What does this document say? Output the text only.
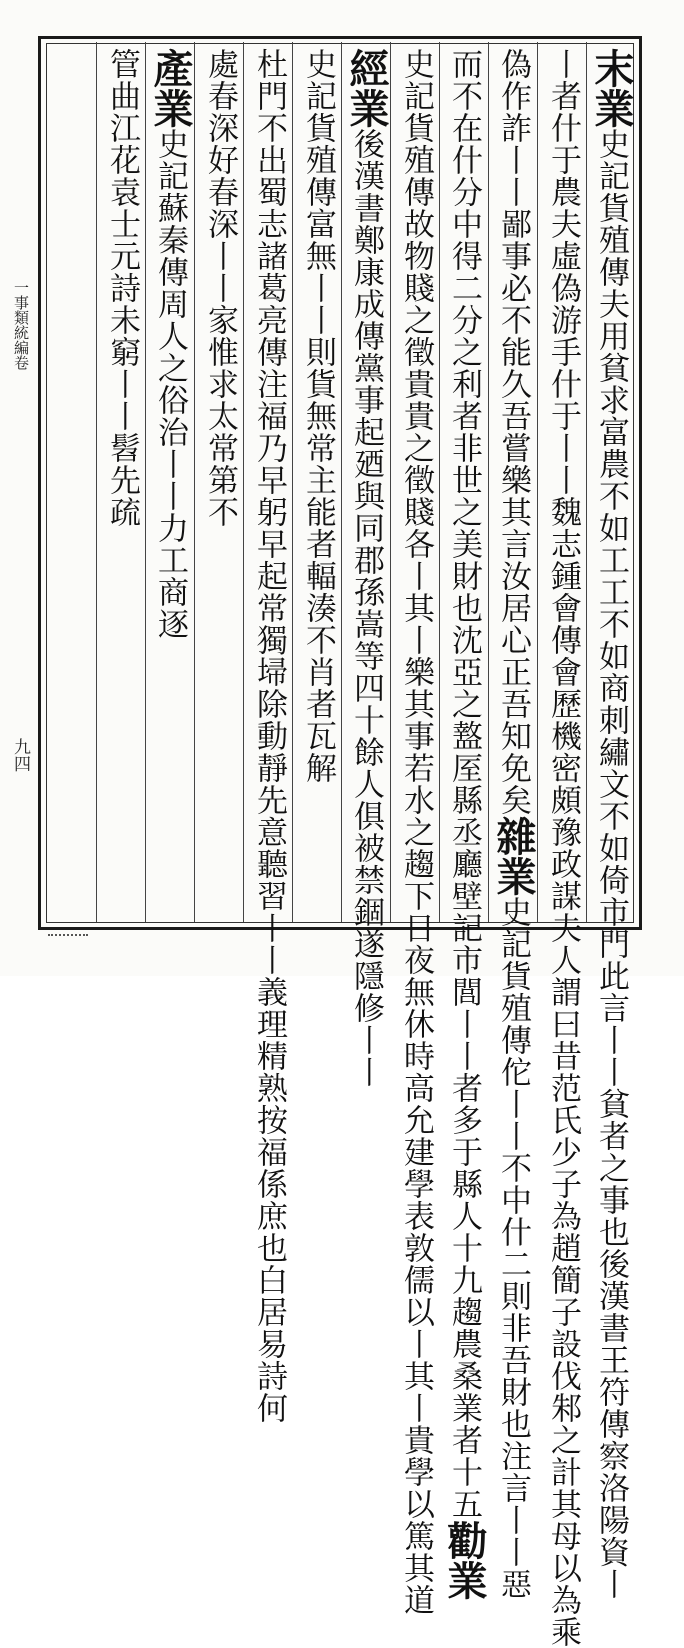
末業史記貨殖傳夫用貧求富農不如工工不如商刺繡文不如倚市門此言丨丨貧者之事也後漢書王符傳察洛陽資丨
丨者什于農夫虛偽游手什于丨丨魏志鍾會傳會歷機密頗豫政謀夫人謂曰昔范氏少子為趙簡子設伐邾之計其母以為乘
偽作詐丨丨鄙事必不能久吾嘗樂其言汝居心正吾知免矣雜業史記貨殖傳佗丨丨不中什二則非吾財也注言丨丨惡
而不在什分中得二分之利者非世之美財也沈亞之盩厔縣丞廳壁記市閭丨丨者多于縣人十九趨農桑業者十五勸業
史記貨殖傳故物賤之徵貴貴之徵賤各丨其丨樂其事若水之趨下日夜無休時高允建學表敦儒以丨其丨貴學以篤其道
經業後漢書鄭康成傳黨事起廼與同郡孫嵩等四十餘人俱被禁錮遂隱修丨丨
史記貨殖傳富無丨丨則貨無常主能者輻湊不肖者瓦解
杜門不出蜀志諸葛亮傳注福乃早躬早起常獨埽除動靜先意聽習丨丨義理精熟按福係庶也白居易詩何
處春深好春深丨丨家惟求太常第不
產業史記蘇秦傳周人之俗治丨丨力工商逐
管曲江花袁士元詩未窮丨丨髫先疏
一事類統編卷
九四
